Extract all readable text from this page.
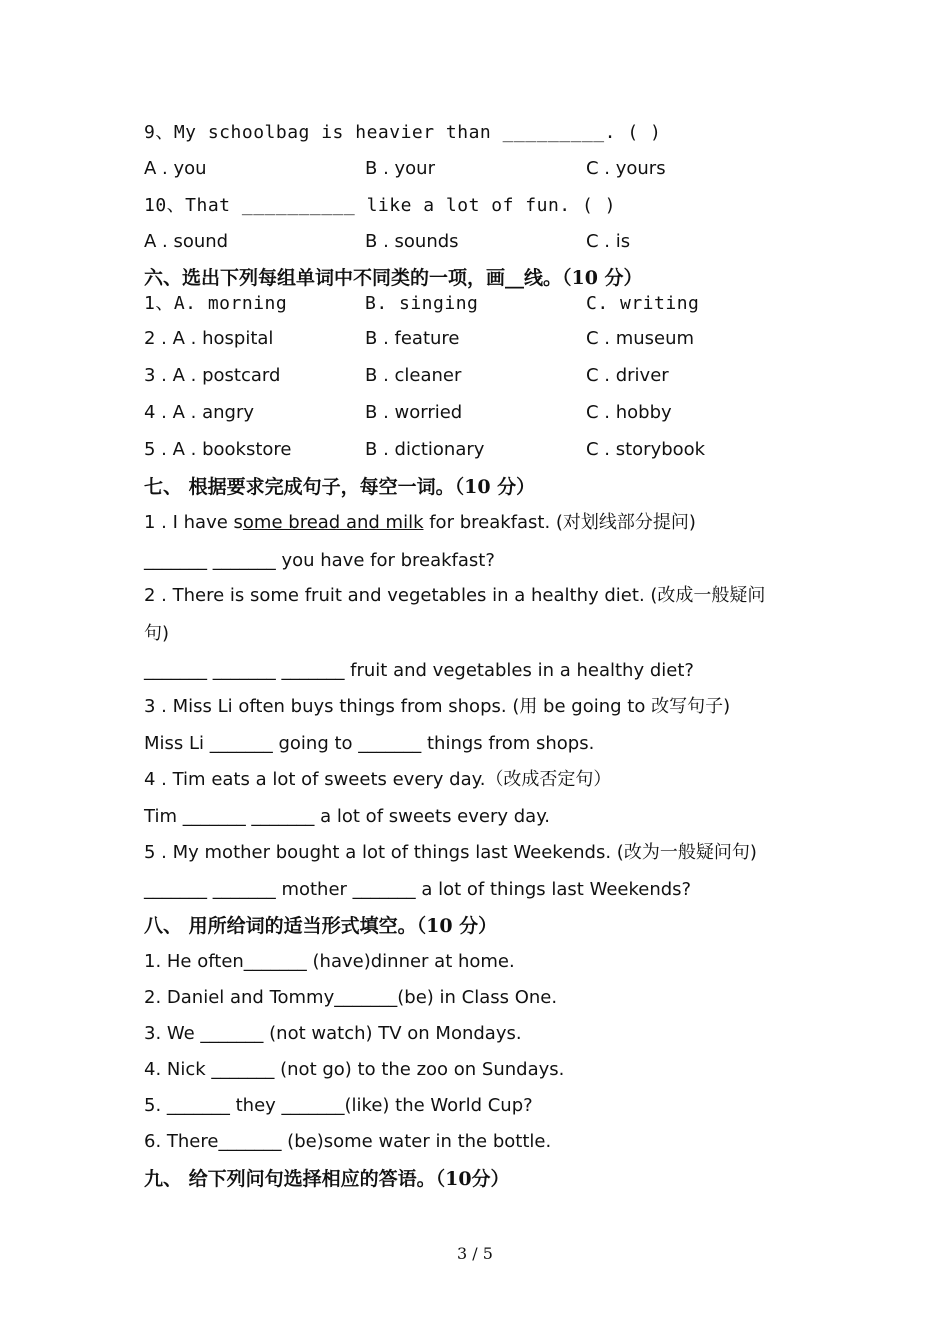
9、My schoolbag is heavier than _________. ( )
A . you	B . your	C . yours
10、That __________ like a lot of fun. ( )
A . sound	B . sounds	C . is
六、选出下列每组单词中不同类的一项，画__线。（10 分）
1、A. morning	B. singing	C. writing
2 . A . hospital	B . feature	C . museum
3 . A . postcard	B . cleaner	C . driver
4 . A . angry	B . worried	C . hobby
5 . A . bookstore	B . dictionary	C . storybook
七、 根据要求完成句子，每空一词。（10 分）
1 . I have some bread and milk for breakfast. (对划线部分提问)
_______ _______ you have for breakfast?
2 . There is some fruit and vegetables in a healthy diet. (改成一般疑问
句)
_______ _______ _______ fruit and vegetables in a healthy diet?
3 . Miss Li often buys things from shops. (用 be going to 改写句子)
Miss Li _______ going to _______ things from shops.
4 . Tim eats a lot of sweets every day.（改成否定句）
Tim _______ _______ a lot of sweets every day.
5 . My mother bought a lot of things last Weekends. (改为一般疑问句)
_______ _______ mother _______ a lot of things last Weekends?
八、 用所给词的适当形式填空。（10 分）
1. He often_______ (have)dinner at home.
2. Daniel and Tommy_______(be) in Class One.
3. We _______ (not watch) TV on Mondays.
4. Nick _______ (not go) to the zoo on Sundays.
5. _______ they _______(like) the World Cup?
6. There_______ (be)some water in the bottle.
九、 给下列问句选择相应的答语。（10分）
3 / 5
